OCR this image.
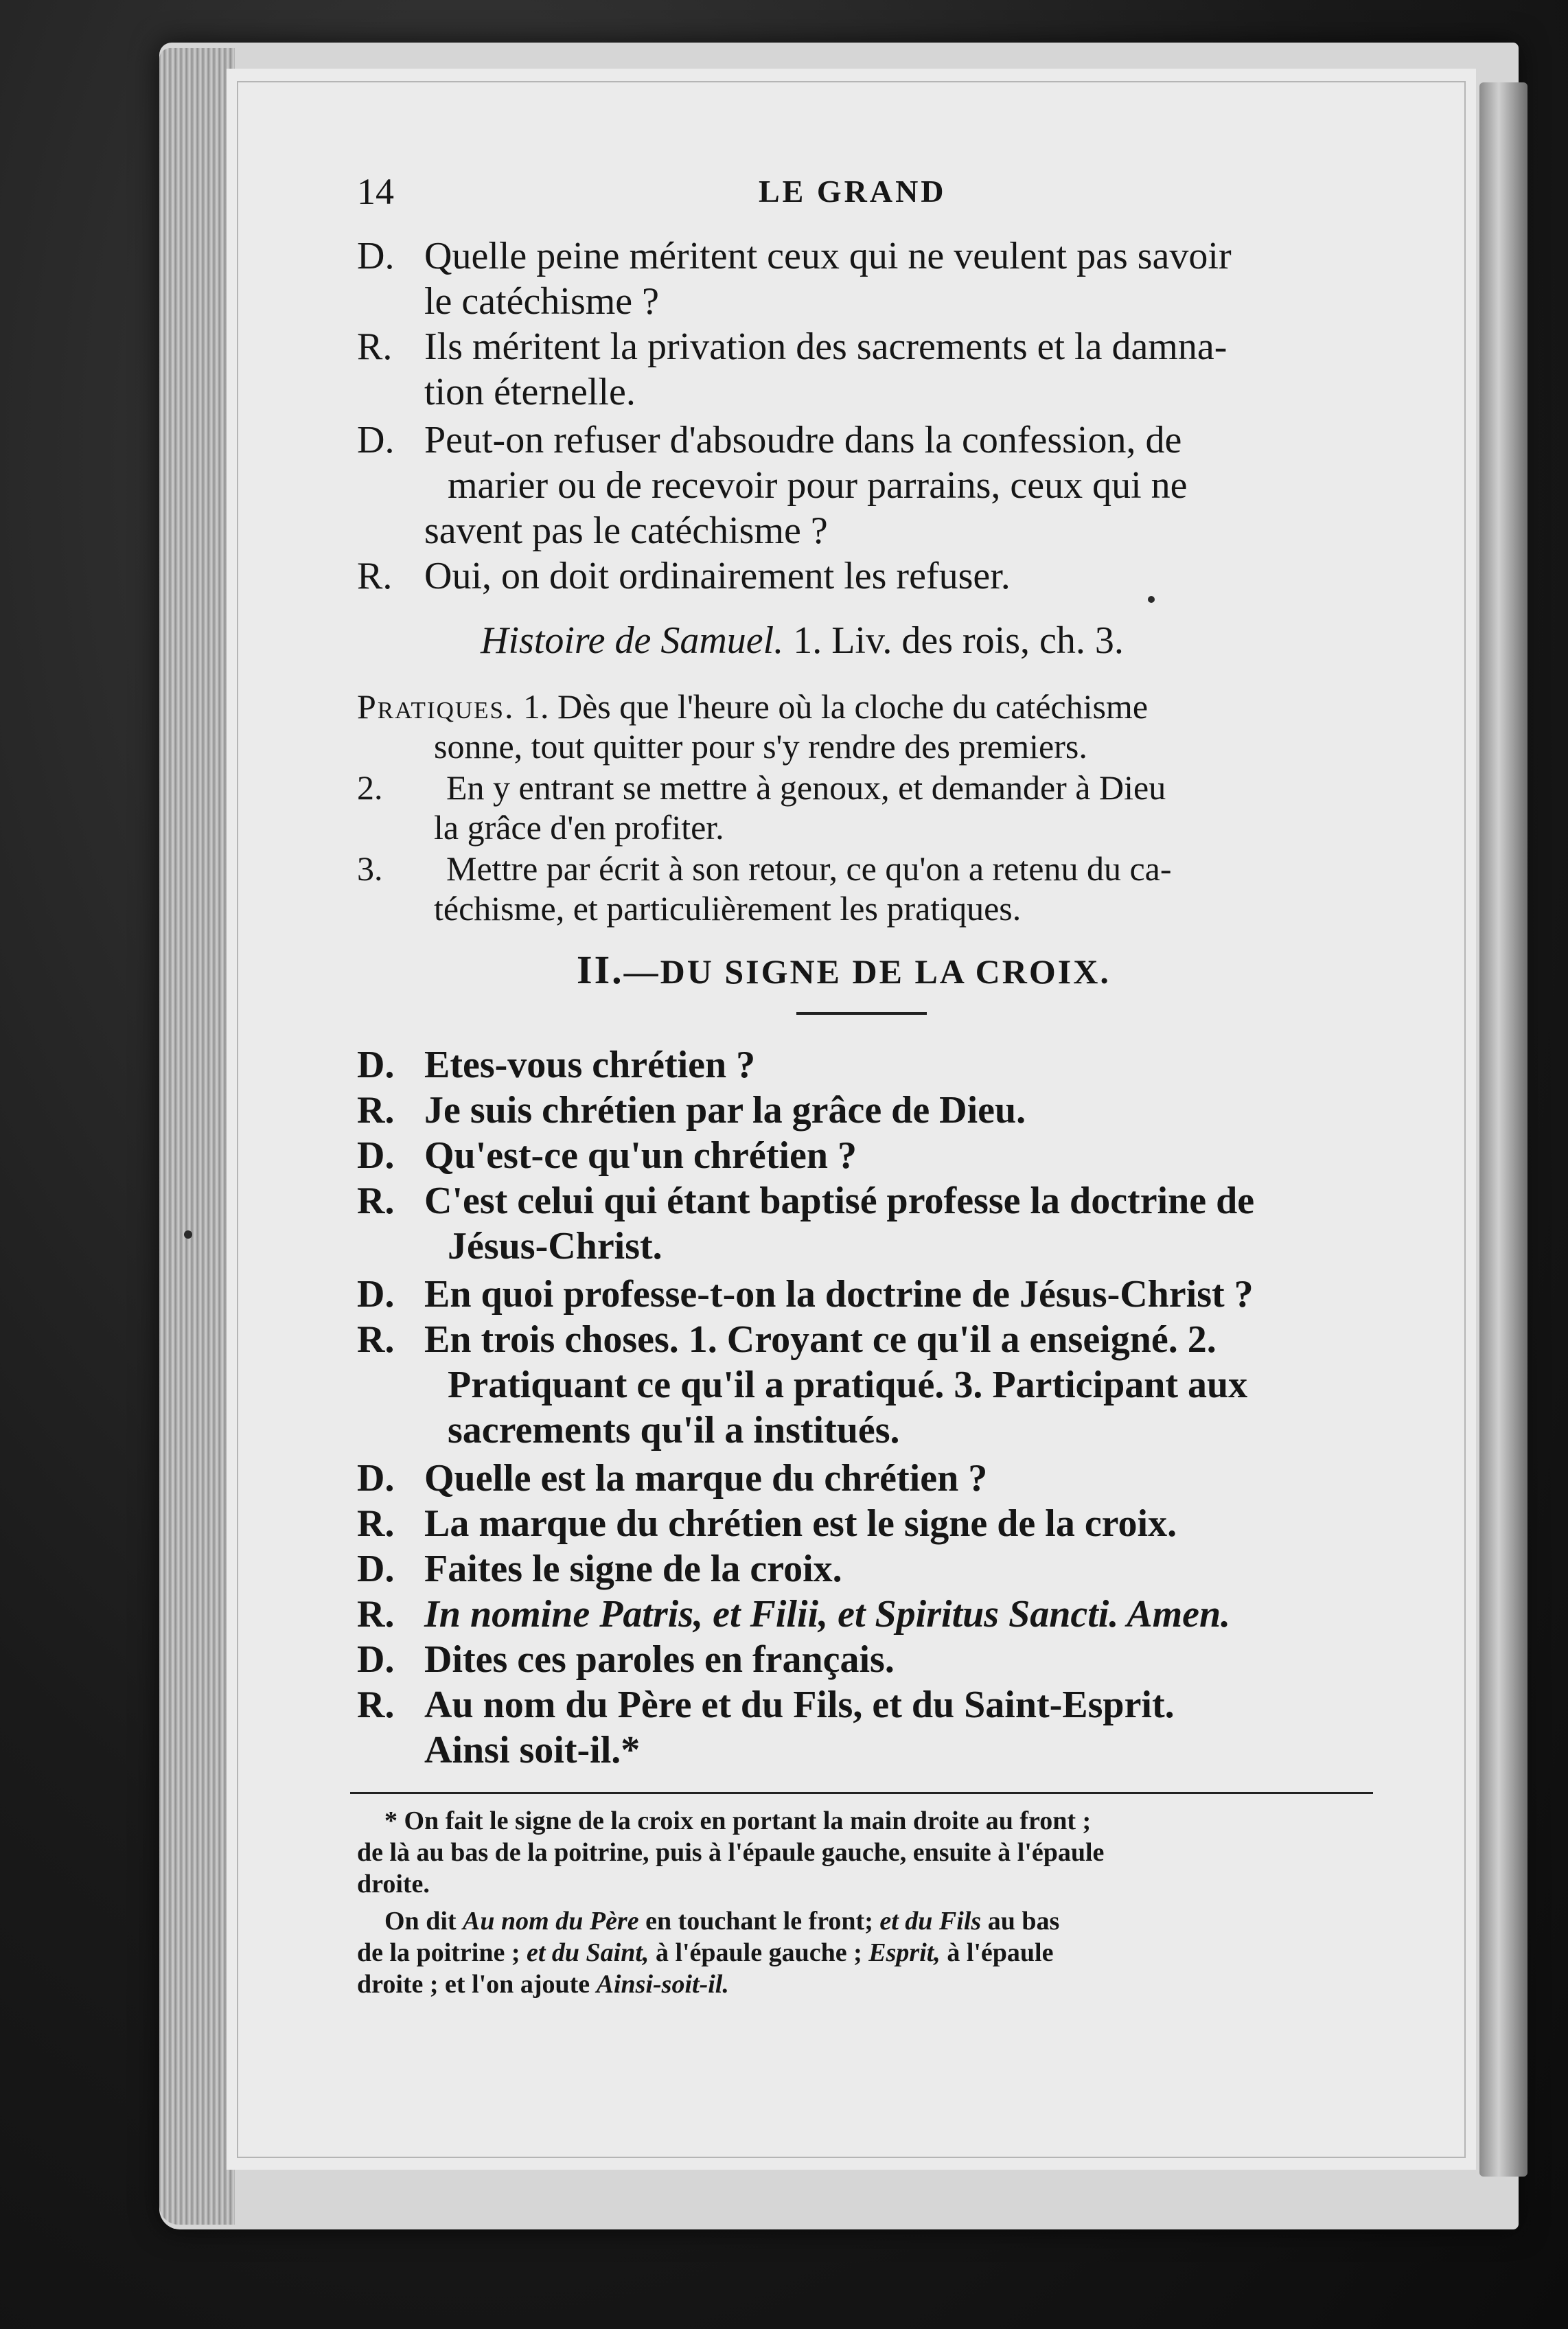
14	LE GRAND
D. Quelle peine méritent ceux qui ne veulent pas savoir
le catéchisme ?
R. Ils méritent la privation des sacrements et la damna-
tion éternelle.
D. Peut-on refuser d'absoudre dans la confession, de
marier ou de recevoir pour parrains, ceux qui ne
savent pas le catéchisme ?
R. Oui, on doit ordinairement les refuser.
Histoire de Samuel. 1. Liv. des rois, ch. 3.
Pratiques. 1. Dès que l'heure où la cloche du catéchisme
sonne, tout quitter pour s'y rendre des premiers.
2. En y entrant se mettre à genoux, et demander à Dieu
la grâce d'en profiter.
3. Mettre par écrit à son retour, ce qu'on a retenu du ca-
téchisme, et particulièrement les pratiques.
II.—DU SIGNE DE LA CROIX.
D. Etes-vous chrétien ?
R. Je suis chrétien par la grâce de Dieu.
D. Qu'est-ce qu'un chrétien ?
R. C'est celui qui étant baptisé professe la doctrine de
Jésus-Christ.
D. En quoi professe-t-on la doctrine de Jésus-Christ ?
R. En trois choses. 1. Croyant ce qu'il a enseigné. 2.
Pratiquant ce qu'il a pratiqué. 3. Participant aux
sacrements qu'il a institués.
D. Quelle est la marque du chrétien ?
R. La marque du chrétien est le signe de la croix.
D. Faites le signe de la croix.
R. In nomine Patris, et Filii, et Spiritus Sancti. Amen.
D. Dites ces paroles en français.
R. Au nom du Père et du Fils, et du Saint-Esprit.
Ainsi soit-il.*
* On fait le signe de la croix en portant la main droite au front ;
de là au bas de la poitrine, puis à l'épaule gauche, ensuite à l'épaule
droite.
On dit Au nom du Père en touchant le front; et du Fils au bas
de la poitrine ; et du Saint, à l'épaule gauche ; Esprit, à l'épaule
droite ; et l'on ajoute Ainsi-soit-il.
